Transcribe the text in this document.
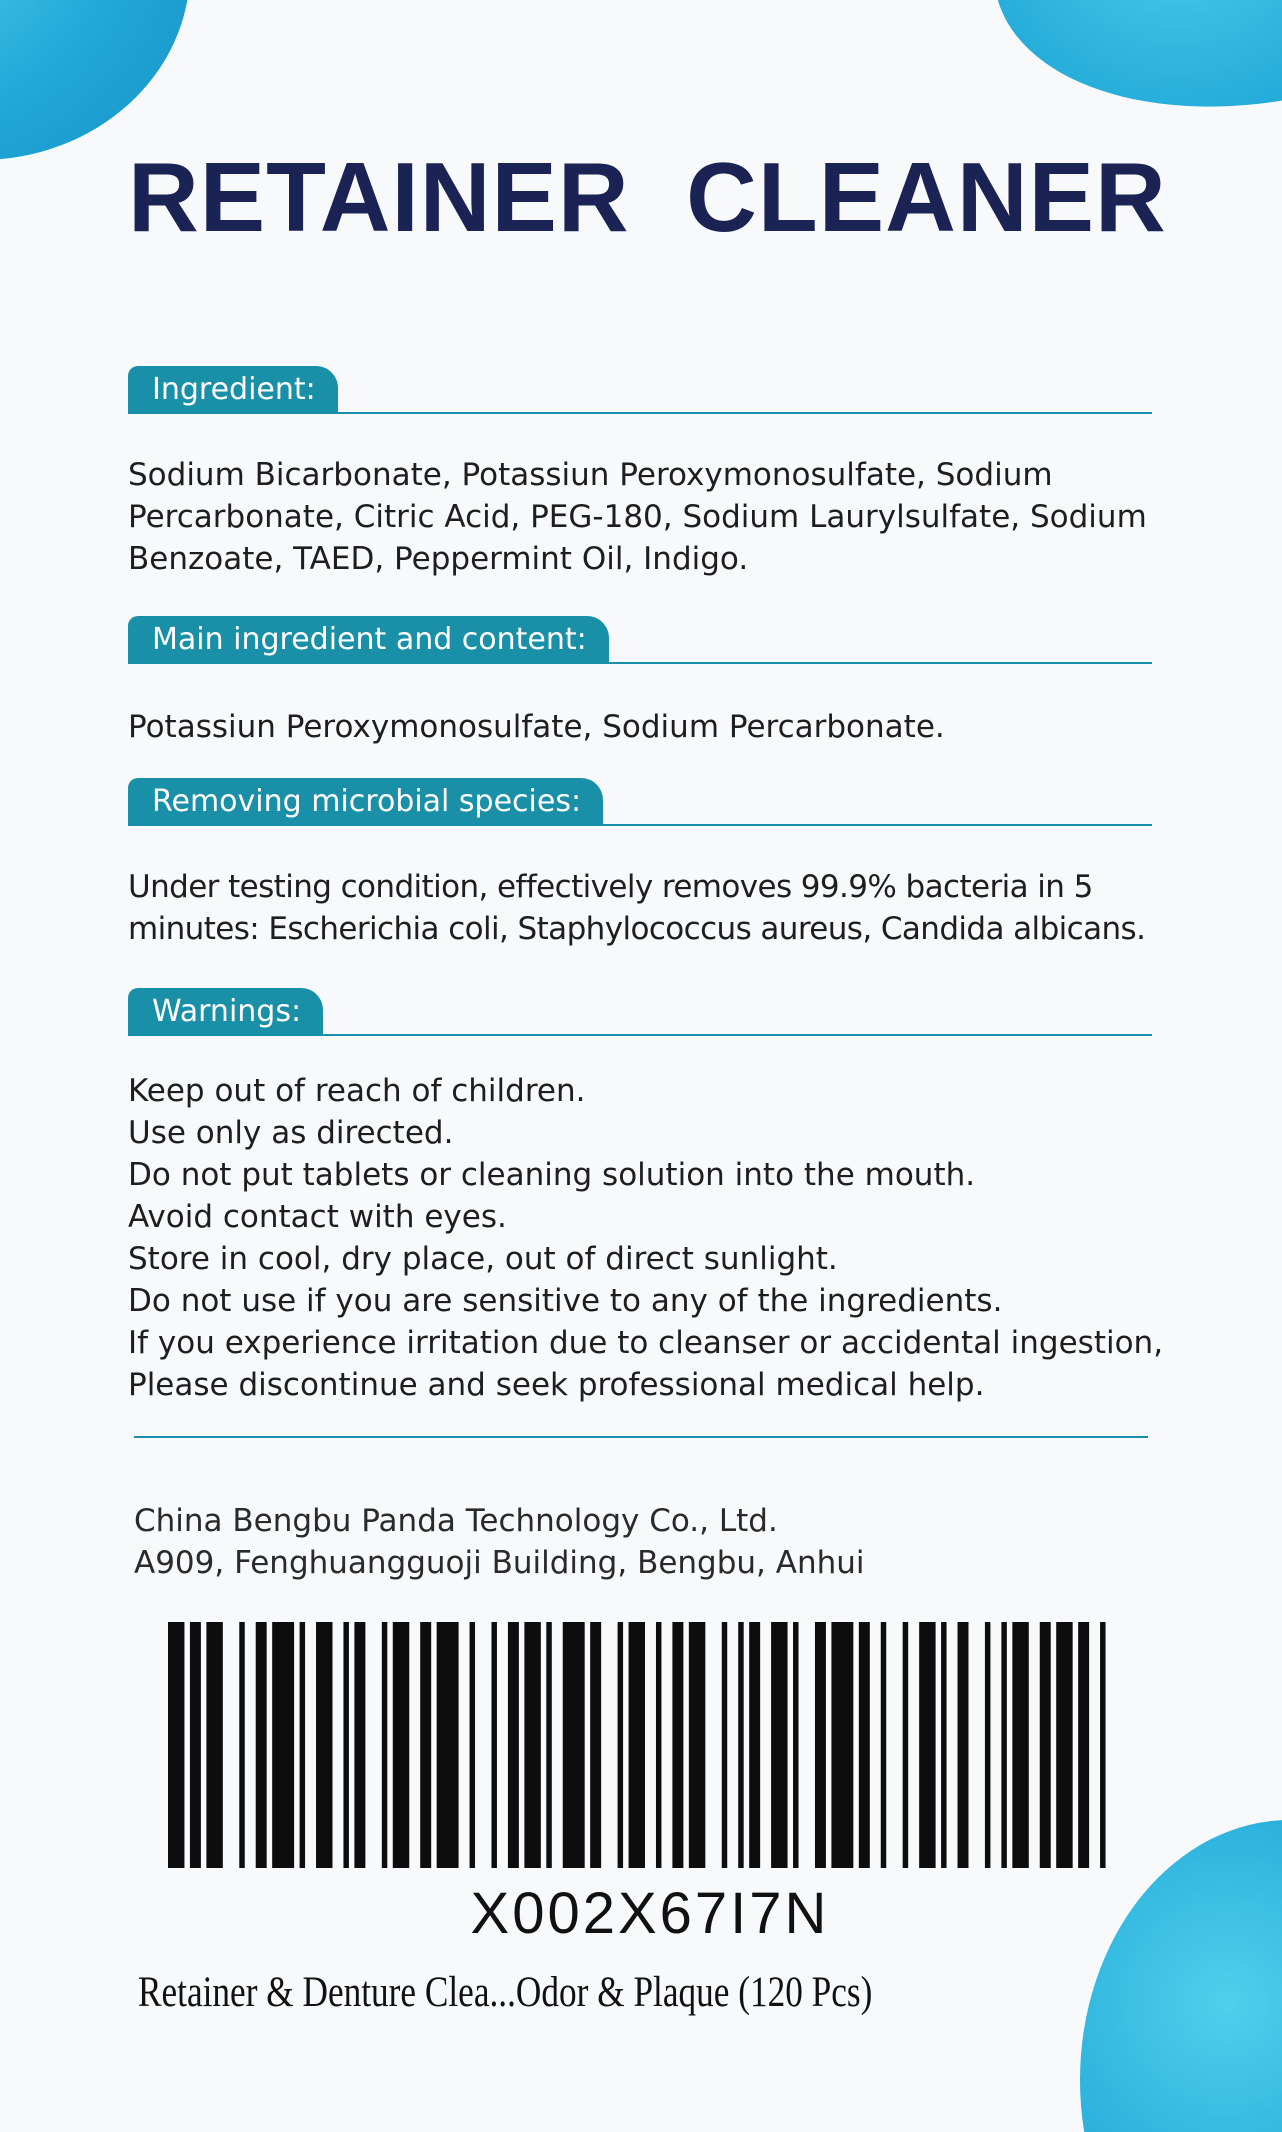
RETAINER  CLEANER
Ingredient:

Sodium Bicarbonate, Potassiun Peroxymonosulfate, Sodium Percarbonate, Citric Acid, PEG-180, Sodium Laurylsulfate, Sodium Benzoate, TAED, Peppermint Oil, Indigo.

Main ingredient and content:

Potassiun Peroxymonosulfate, Sodium Percarbonate.

Removing microbial species:

Under testing condition, effectively removes 99.9% bacteria in 5 minutes: Escherichia coli, Staphylococcus aureus, Candida albicans.

Warnings:
Keep out of reach of children.
Use only as directed.
Do not put tablets or cleaning solution into the mouth.
Avoid contact with eyes.
Store in cool, dry place, out of direct sunlight.
Do not use if you are sensitive to any of the ingredients.
If you experience irritation due to cleanser or accidental ingestion,
Please discontinue and seek professional medical help.
China Bengbu Panda Technology Co., Ltd.
A909, Fenghuangguoji Building, Bengbu, Anhui
X002X67I7N
Retainer & Denture Clea...Odor & Plaque (120 Pcs)
